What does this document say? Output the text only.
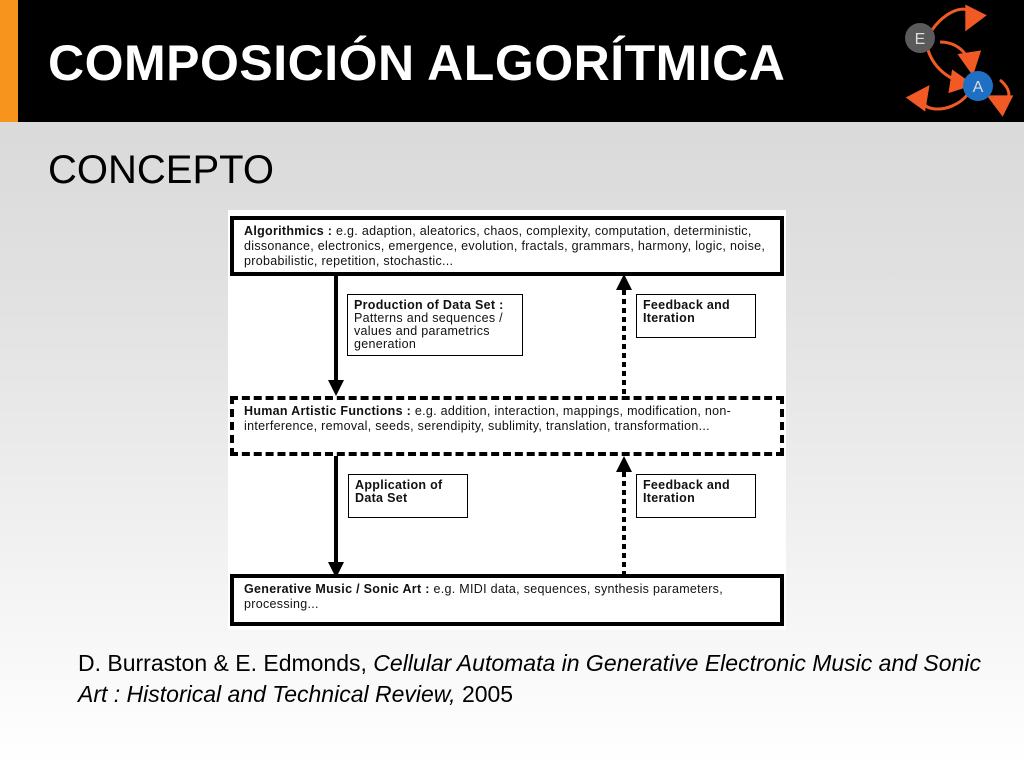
COMPOSICIÓN ALGORÍTMICA	E
A
CONCEPTO
Algorithmics : e.g. adaption, aleatorics, chaos, complexity, computation, deterministic, dissonance, electronics, emergence, evolution, fractals, grammars, harmony, logic, noise, probabilistic, repetition, stochastic...
Production of Data Set :
Patterns and sequences / values and parametrics generation
Feedback and Iteration
Human Artistic Functions : e.g. addition, interaction, mappings, modification, non-interference, removal, seeds, serendipity, sublimity, translation, transformation...
Application of Data Set
Feedback and Iteration
Generative Music / Sonic Art : e.g. MIDI data, sequences, synthesis parameters, processing...
D. Burraston & E. Edmonds, Cellular Automata in Generative Electronic Music and Sonic Art : Historical and Technical Review, 2005
